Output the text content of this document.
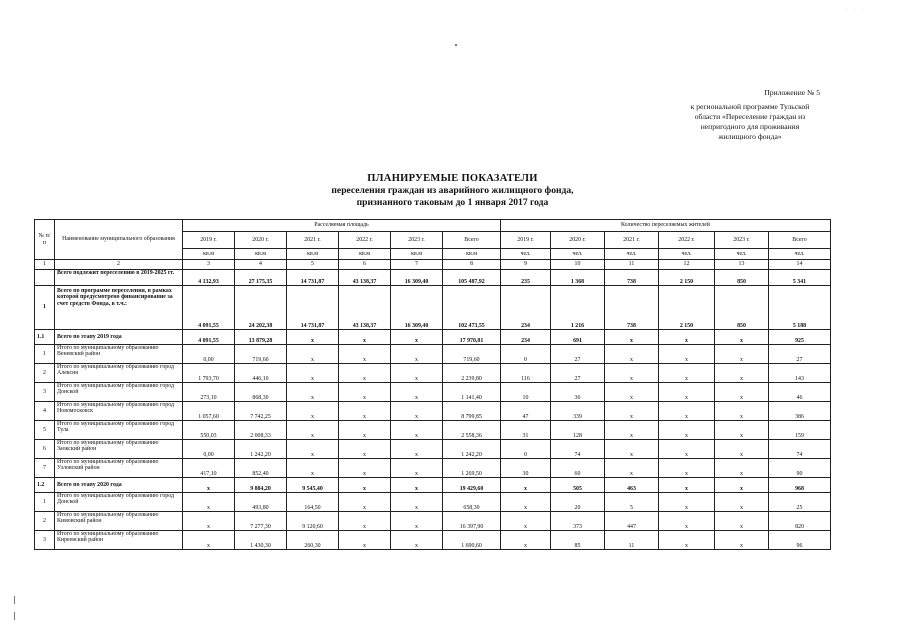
· · ·
Приложение № 5
к региональной программе Тульской
области «Переселение граждан из
непригодного для проживания
жилищного фонда»
ПЛАНИРУЕМЫЕ ПОКАЗАТЕЛИ
переселения граждан из аварийного жилищного фонда,
признанного таковым до 1 января 2017 года
№ п/п	Наименование муниципального образования	Расселяемая площадь						Количество переселяемых жителей					
		2019 г.	2020 г.	2021 г.	2022 г.	2023 г.	Всего	2019 г.	2020 г.	2021 г.	2022 г.	2023 г.	Всего
		кв.м	кв.м	кв.м	кв.м	кв.м	кв.м	чел.	чел.	чел.	чел.	чел.	чел.
1	2	3	4	5	6	7	8	9	10	11	12	13	14
	Всего подлежит переселению в 2019-2025 гг.	4 132,93	27 175,35	14 731,87	43 138,37	16 309,40	105 487,92	235	1 368	738	2 150	850	5 341
1	Всего по программе переселения, в рамках которой предусмотрено финансирование за счет средств Фонда, в т.ч.:	4 091,55	24 202,38	14 731,87	43 138,37	16 309,40	102 473,55	234	1 216	738	2 150	850	5 188
1.1	Всего по этапу 2019 года	4 091,55	13 879,28	х	х	х	17 970,81	234	691	х	х	х	925
1	Итого по муниципальному образованию Веневский район	0,00	719,60	х	х	х	719,60	0	27	х	х	х	27
2	Итого по муниципальному образованию город Алексин	1 793,70	446,10	х	х	х	2 239,80	116	27	х	х	х	143
3	Итого по муниципальному образованию город Донской	273,10	868,30	х	х	х	1 141,40	10	36	х	х	х	46
4	Итого по муниципальному образованию город Новомосковск	1 057,60	7 742,25	х	х	х	8 799,85	47	339	х	х	х	386
5	Итого по муниципальному образованию город Тула	550,03	2 008,33	х	х	х	2 558,36	31	128	х	х	х	159
6	Итого по муниципальному образованию Заокский район	0,00	1 242,20	х	х	х	1 242,20	0	74	х	х	х	74
7	Итого по муниципальному образованию Узловский район	417,10	852,40	х	х	х	1 269,50	30	60	х	х	х	90
1.2	Всего по этапу 2020 года	х	9 884,20	9 545,40	х	х	19 429,60	х	505	463	х	х	968
1	Итого по муниципальному образованию город Донской	х	493,80	164,50	х	х	658,30	х	20	5	х	х	25
2	Итого по муниципальному образованию Кимовский район	х	7 277,30	9 120,60	х	х	16 397,90	х	373	447	х	х	820
3	Итого по муниципальному образованию Киреевский район	х	1 430,30	260,30	х	х	1 690,60	х	85	11	х	х	96
